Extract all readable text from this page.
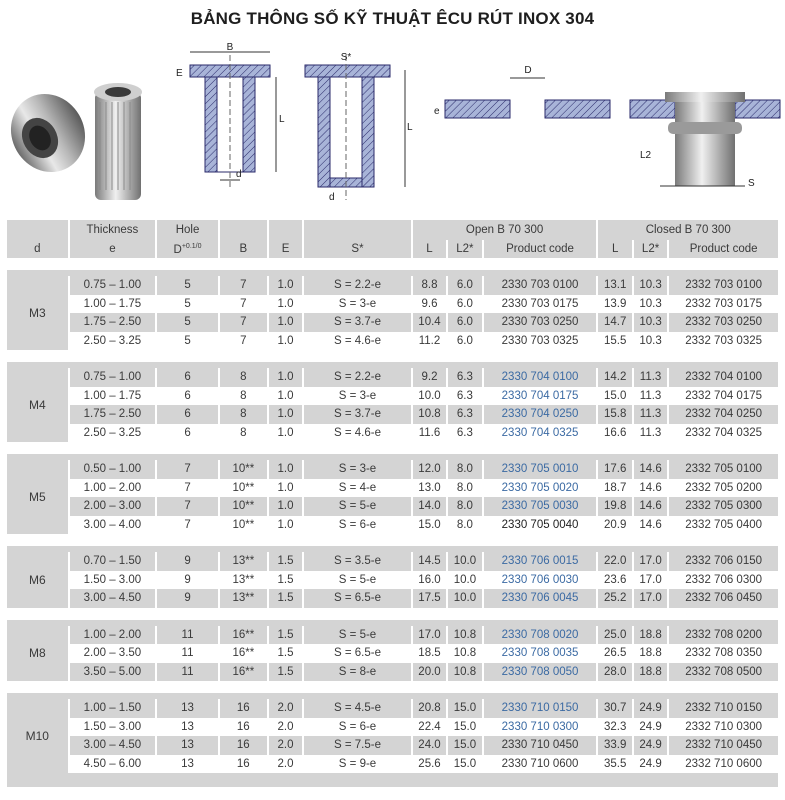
BẢNG THÔNG SỐ KỸ THUẬT ÊCU RÚT INOX 304
B
E
L
d
S*
L
d
D
e
L2
S
	Thickness	Hole				Open B 70 300			Closed B 70 300		
d	e	$D^{+0.1/0}$	B	E	S*	L	L2*	Product code	L	L2*	Product code

M3	0.75 – 1.00	5	7	1.0	S = 2.2-e	8.8	6.0	2330 703 0100	13.1	10.3	2332 703 0100
	1.00 – 1.75	5	7	1.0	S = 3-e	9.6	6.0	2330 703 0175	13.9	10.3	2332 703 0175
	1.75 – 2.50	5	7	1.0	S = 3.7-e	10.4	6.0	2330 703 0250	14.7	10.3	2332 703 0250
	2.50 – 3.25	5	7	1.0	S = 4.6-e	11.2	6.0	2330 703 0325	15.5	10.3	2332 703 0325

M4	0.75 – 1.00	6	8	1.0	S = 2.2-e	9.2	6.3	2330 704 0100	14.2	11.3	2332 704 0100
	1.00 – 1.75	6	8	1.0	S = 3-e	10.0	6.3	2330 704 0175	15.0	11.3	2332 704 0175
	1.75 – 2.50	6	8	1.0	S = 3.7-e	10.8	6.3	2330 704 0250	15.8	11.3	2332 704 0250
	2.50 – 3.25	6	8	1.0	S = 4.6-e	11.6	6.3	2330 704 0325	16.6	11.3	2332 704 0325

M5	0.50 – 1.00	7	10**	1.0	S = 3-e	12.0	8.0	2330 705 0010	17.6	14.6	2332 705 0100
	1.00 – 2.00	7	10**	1.0	S = 4-e	13.0	8.0	2330 705 0020	18.7	14.6	2332 705 0200
	2.00 – 3.00	7	10**	1.0	S = 5-e	14.0	8.0	2330 705 0030	19.8	14.6	2332 705 0300
	3.00 – 4.00	7	10**	1.0	S = 6-e	15.0	8.0	2330 705 0040	20.9	14.6	2332 705 0400

M6	0.70 – 1.50	9	13**	1.5	S = 3.5-e	14.5	10.0	2330 706 0015	22.0	17.0	2332 706 0150
	1.50 – 3.00	9	13**	1.5	S = 5-e	16.0	10.0	2330 706 0030	23.6	17.0	2332 706 0300
	3.00 – 4.50	9	13**	1.5	S = 6.5-e	17.5	10.0	2330 706 0045	25.2	17.0	2332 706 0450

M8	1.00 – 2.00	11	16**	1.5	S = 5-e	17.0	10.8	2330 708 0020	25.0	18.8	2332 708 0200
	2.00 – 3.50	11	16**	1.5	S = 6.5-e	18.5	10.8	2330 708 0035	26.5	18.8	2332 708 0350
	3.50 – 5.00	11	16**	1.5	S = 8-e	20.0	10.8	2330 708 0050	28.0	18.8	2332 708 0500

M10	1.00 – 1.50	13	16	2.0	S = 4.5-e	20.8	15.0	2330 710 0150	30.7	24.9	2332 710 0150
	1.50 – 3.00	13	16	2.0	S = 6-e	22.4	15.0	2330 710 0300	32.3	24.9	2332 710 0300
	3.00 – 4.50	13	16	2.0	S = 7.5-e	24.0	15.0	2330 710 0450	33.9	24.9	2332 710 0450
	4.50 – 6.00	13	16	2.0	S = 9-e	25.6	15.0	2330 710 0600	35.5	24.9	2332 710 0600
